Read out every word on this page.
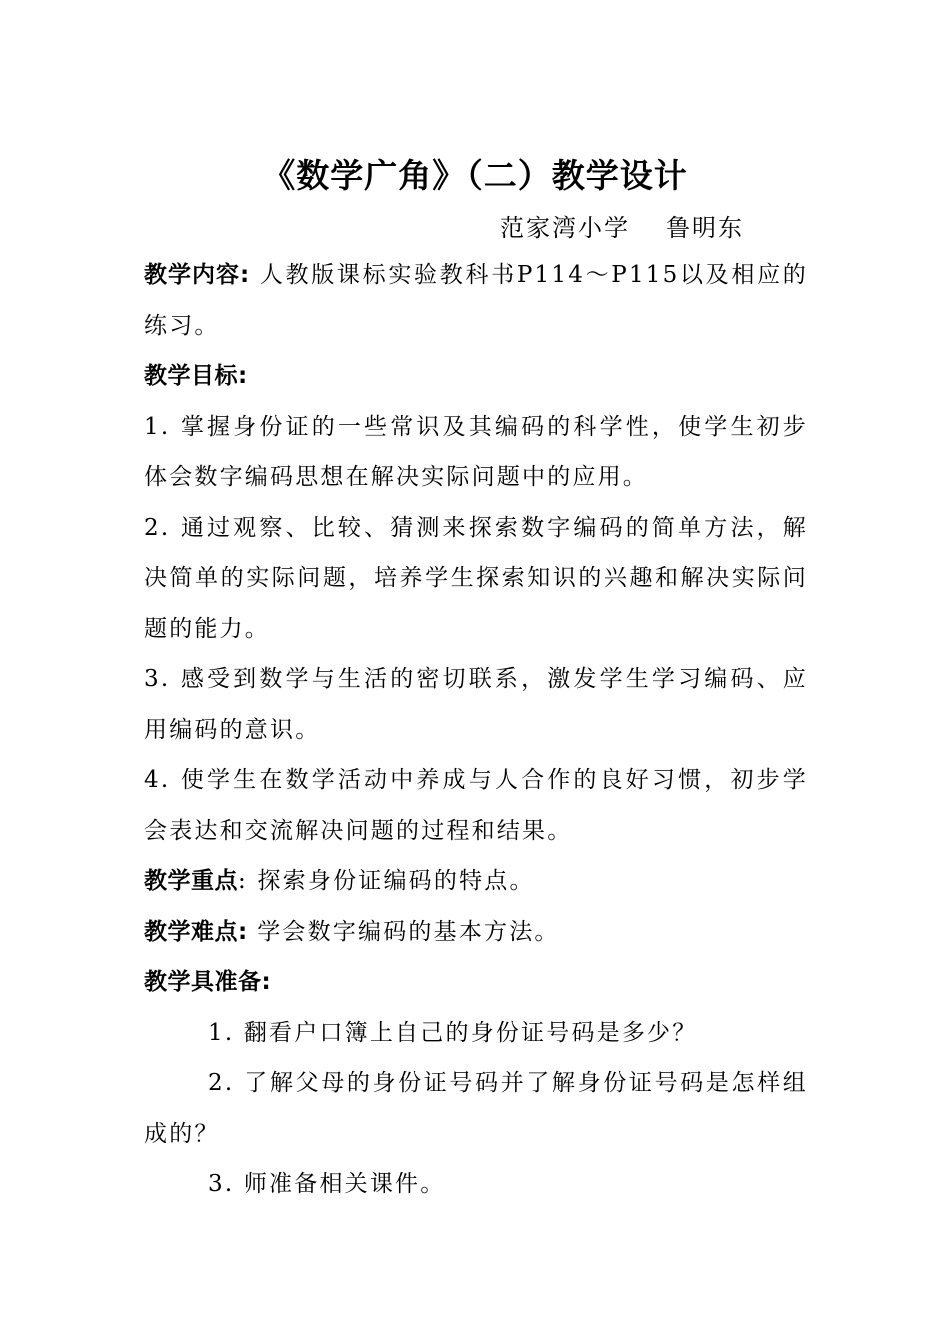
《数学广角》（二）教学设计
范家湾小学 鲁明东

教学内容: 人教版课标实验教科书P114～P115以及相应的练习。

教学目标:

1. 掌握身份证的一些常识及其编码的科学性，使学生初步体会数字编码思想在解决实际问题中的应用。

2. 通过观察、比较、猜测来探索数字编码的简单方法，解决简单的实际问题，培养学生探索知识的兴趣和解决实际问题的能力。

3. 感受到数学与生活的密切联系，激发学生学习编码、应用编码的意识。

4. 使学生在数学活动中养成与人合作的良好习惯，初步学会表达和交流解决问题的过程和结果。

教学重点: 探索身份证编码的特点。

教学难点: 学会数字编码的基本方法。

教学具准备:

1. 翻看户口簿上自己的身份证号码是多少？

2. 了解父母的身份证号码并了解身份证号码是怎样组成的？

3. 师准备相关课件。
